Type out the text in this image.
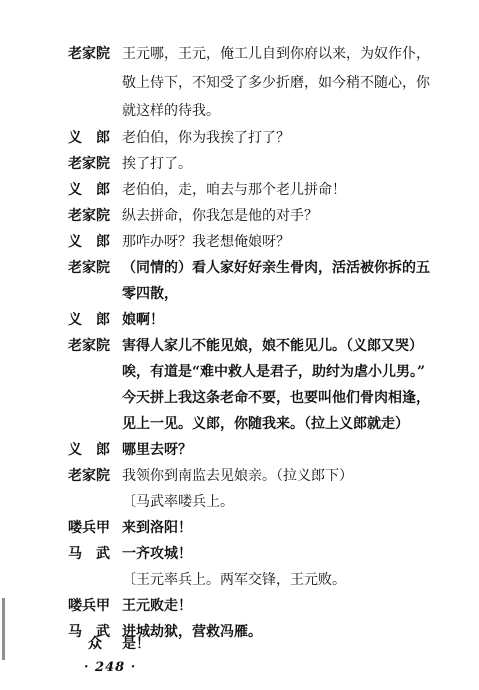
老家院 王元哪，王元，俺工儿自到你府以来，为奴作仆，
敬上侍下，不知受了多少折磨，如今稍不随心，你
就这样的待我。
义　郎 老伯伯，你为我挨了打了？
老家院 挨了打了。
义　郎 老伯伯，走，咱去与那个老儿拼命！
老家院 纵去拼命，你我怎是他的对手？
义　郎 那咋办呀？我老想俺娘呀？
老家院 （同情的）看人家好好亲生骨肉，活活被你拆的五
零四散，
义　郎 娘啊！
老家院 害得人家儿不能见娘，娘不能见儿。（义郎又哭）
唉，有道是“难中救人是君子，助纣为虐小儿男。”
今天拼上我这条老命不要，也要叫他们骨肉相逢，
见上一见。义郎，你随我来。（拉上义郎就走）
义　郎 哪里去呀？
老家院 我领你到南监去见娘亲。（拉义郎下）
〔马武率喽兵上。
喽兵甲 来到洛阳！
马　武 一齐攻城！
〔王元率兵上。两军交锋，王元败。
喽兵甲 王元败走！
马　武 进城劫狱，营救冯雁。
众	是！
· 248 ·
